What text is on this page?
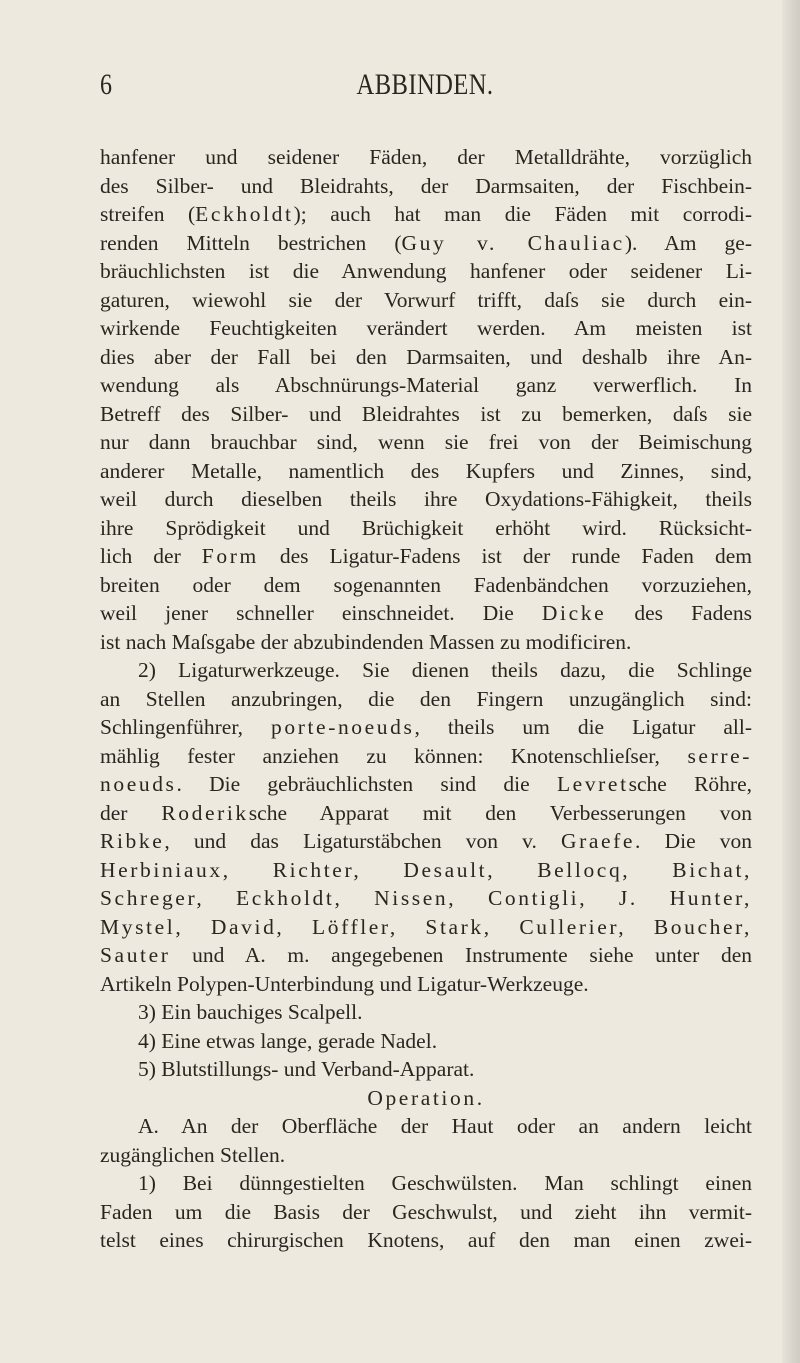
6	ABBINDEN.
hanfener und seidener Fäden, der Metalldrähte, vorzüglich
des Silber- und Bleidrahts, der Darmsaiten, der Fischbein-
streifen (Eckholdt); auch hat man die Fäden mit corrodi-
renden Mitteln bestrichen (Guy v. Chauliac). Am ge-
bräuchlichsten ist die Anwendung hanfener oder seidener Li-
gaturen, wiewohl sie der Vorwurf trifft, daſs sie durch ein-
wirkende Feuchtigkeiten verändert werden. Am meisten ist
dies aber der Fall bei den Darmsaiten, und deshalb ihre An-
wendung als Abschnürungs-Material ganz verwerflich. In
Betreff des Silber- und Bleidrahtes ist zu bemerken, daſs sie
nur dann brauchbar sind, wenn sie frei von der Beimischung
anderer Metalle, namentlich des Kupfers und Zinnes, sind,
weil durch dieselben theils ihre Oxydations-Fähigkeit, theils
ihre Sprödigkeit und Brüchigkeit erhöht wird. Rücksicht-
lich der Form des Ligatur-Fadens ist der runde Faden dem
breiten oder dem sogenannten Fadenbändchen vorzuziehen,
weil jener schneller einschneidet. Die Dicke des Fadens
ist nach Maſsgabe der abzubindenden Massen zu modificiren.
2) Ligaturwerkzeuge. Sie dienen theils dazu, die Schlinge
an Stellen anzubringen, die den Fingern unzugänglich sind:
Schlingenführer, porte-noeuds, theils um die Ligatur all-
mählig fester anziehen zu können: Knotenschlieſser, serre-
noeuds. Die gebräuchlichsten sind die Levretsche Röhre,
der Roderiksche Apparat mit den Verbesserungen von
Ribke, und das Ligaturstäbchen von v. Graefe. Die von
Herbiniaux, Richter, Desault, Bellocq, Bichat,
Schreger, Eckholdt, Nissen, Contigli, J. Hunter,
Mystel, David, Löffler, Stark, Cullerier, Boucher,
Sauter und A. m. angegebenen Instrumente siehe unter den
Artikeln Polypen-Unterbindung und Ligatur-Werkzeuge.
3) Ein bauchiges Scalpell.
4) Eine etwas lange, gerade Nadel.
5) Blutstillungs- und Verband-Apparat.
Operation.
A. An der Oberfläche der Haut oder an andern leicht
zugänglichen Stellen.
1) Bei dünngestielten Geschwülsten. Man schlingt einen
Faden um die Basis der Geschwulst, und zieht ihn vermit-
telst eines chirurgischen Knotens, auf den man einen zwei-
